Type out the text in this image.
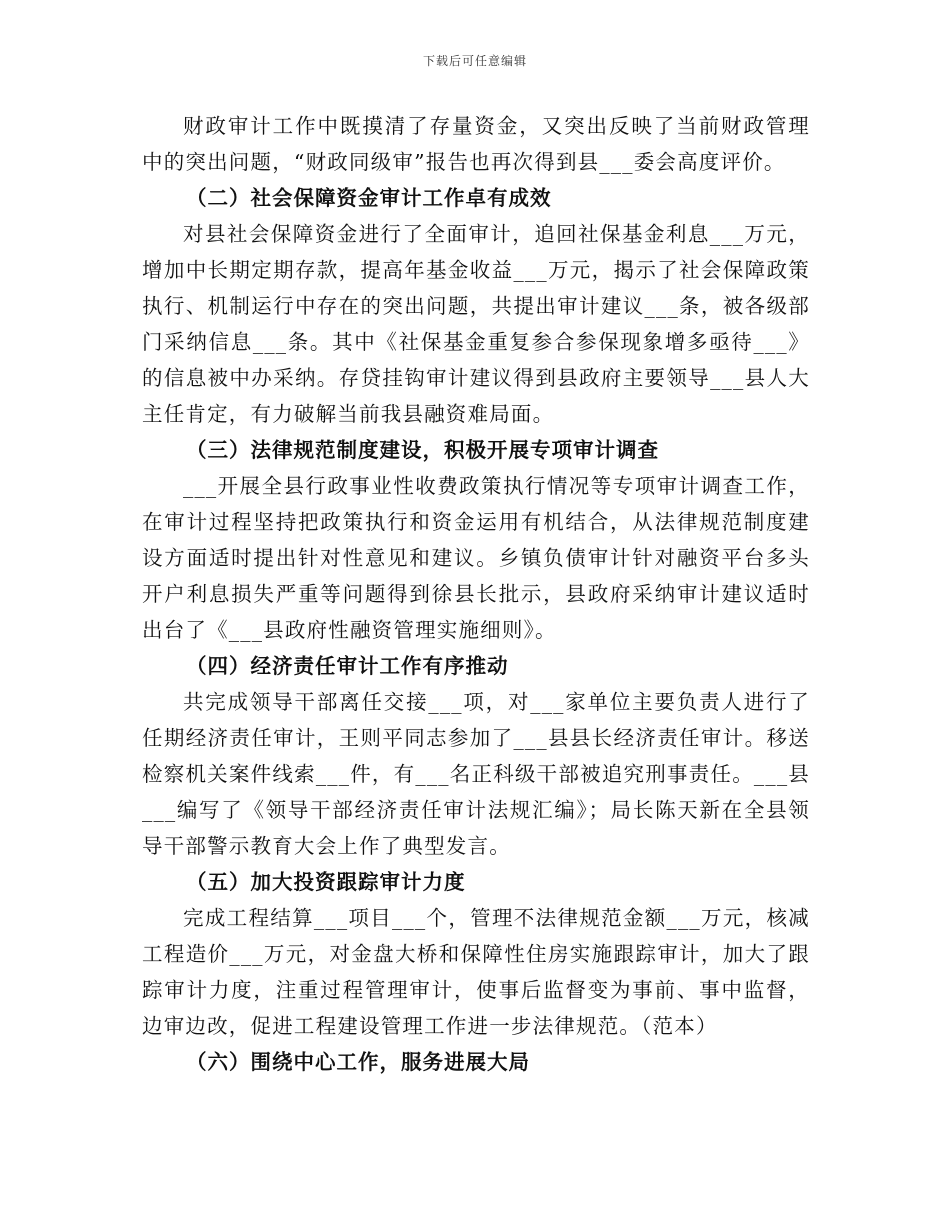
下载后可任意编辑

财政审计工作中既摸清了存量资金，又突出反映了当前财政管理中的突出问题，“财政同级审”报告也再次得到县___委会高度评价。

（二）社会保障资金审计工作卓有成效

对县社会保障资金进行了全面审计，追回社保基金利息___万元，增加中长期定期存款，提高年基金收益___万元，揭示了社会保障政策执行、机制运行中存在的突出问题，共提出审计建议___条，被各级部门采纳信息___条。其中《社保基金重复参合参保现象增多亟待___》的信息被中办采纳。存贷挂钩审计建议得到县政府主要领导___县人大主任肯定，有力破解当前我县融资难局面。

（三）法律规范制度建设，积极开展专项审计调查

___开展全县行政事业性收费政策执行情况等专项审计调查工作，在审计过程坚持把政策执行和资金运用有机结合，从法律规范制度建设方面适时提出针对性意见和建议。乡镇负债审计针对融资平台多头开户利息损失严重等问题得到徐县长批示，县政府采纳审计建议适时出台了《___县政府性融资管理实施细则》。

（四）经济责任审计工作有序推动

共完成领导干部离任交接___项，对___家单位主要负责人进行了任期经济责任审计，王则平同志参加了___县县长经济责任审计。移送检察机关案件线索___件，有___名正科级干部被追究刑事责任。___县___编写了《领导干部经济责任审计法规汇编》；局长陈天新在全县领导干部警示教育大会上作了典型发言。

（五）加大投资跟踪审计力度

完成工程结算___项目___个，管理不法律规范金额___万元，核减工程造价___万元，对金盘大桥和保障性住房实施跟踪审计，加大了跟踪审计力度，注重过程管理审计，使事后监督变为事前、事中监督，边审边改，促进工程建设管理工作进一步法律规范。（范本）

（六）围绕中心工作，服务进展大局
